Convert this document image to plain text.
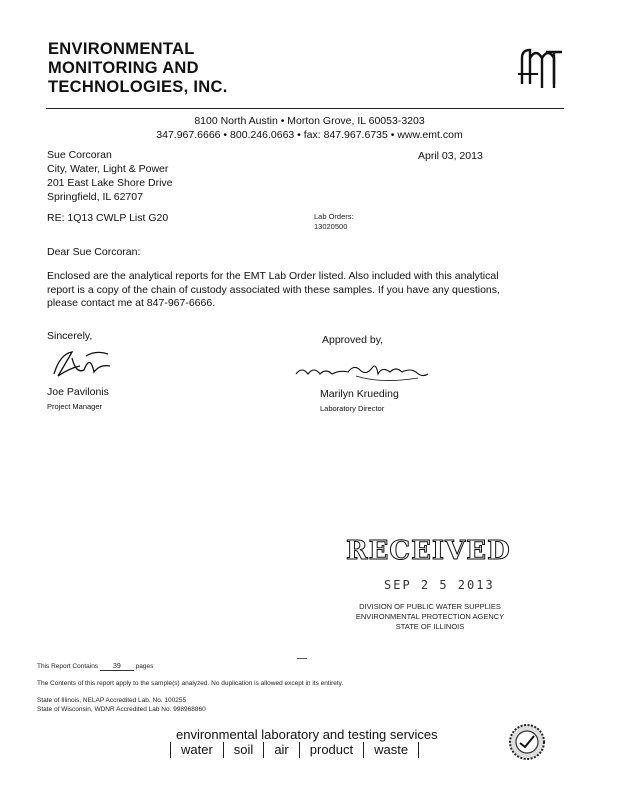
ENVIRONMENTAL
MONITORING AND
TECHNOLOGIES, INC.
8100 North Austin • Morton Grove, IL 60053-3203
347.967.6666 • 800.246.0663 • fax: 847.967.6735 • www.emt.com
Sue Corcoran
City, Water, Light & Power
201 East Lake Shore Drive
Springfield, IL 62707
April 03, 2013
RE: 1Q13 CWLP List G20	Lab Orders:
13020500
Dear Sue Corcoran:
Enclosed are the analytical reports for the EMT Lab Order listed. Also included with this analytical report is a copy of the chain of custody associated with these samples. If you have any questions, please contact me at 847-967-6666.
Sincerely,	Approved by,
Joe Pavilonis
Project Manager
Marilyn Krueding
Laboratory Director
RECEIVED
SEP 2 5 2013
DIVISION OF PUBLIC WATER SUPPLIES
ENVIRONMENTAL PROTECTION AGENCY
STATE OF ILLINOIS
This Report Contains 39 pages
The Contents of this report apply to the sample(s) analyzed. No duplication is allowed except in its entirety.
State of Illinois, NELAP Accredited Lab. No. 100255
State of Wisconsin, WDNR Accredited Lab No. 998968860
environmental laboratory and testing services
water	soil	air	product	waste
